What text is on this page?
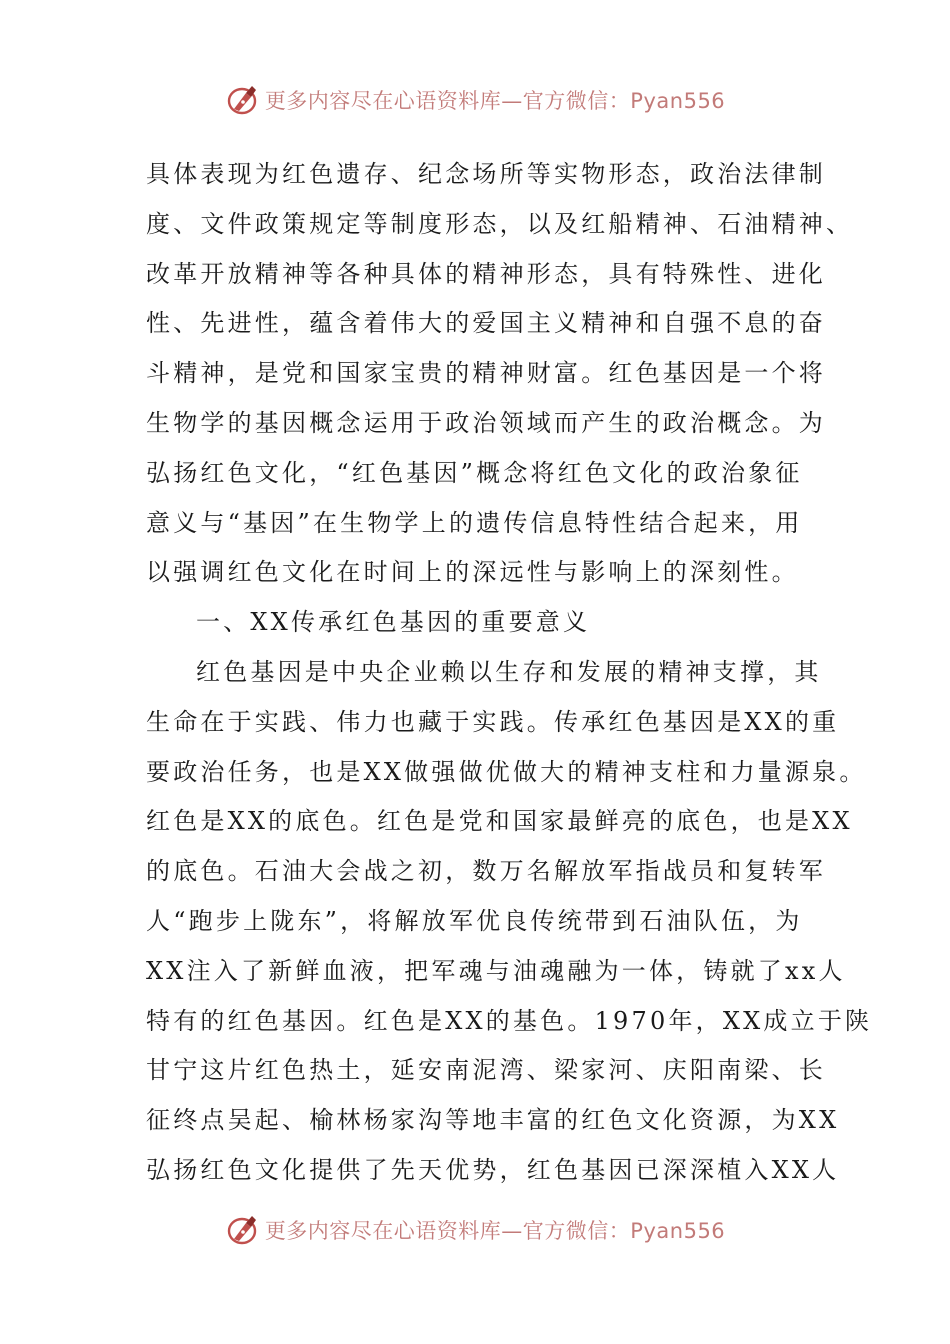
更多内容尽在心语资料库—官方微信：Pyan556
具体表现为红色遗存、纪念场所等实物形态，政治法律制
度、文件政策规定等制度形态，以及红船精神、石油精神、
改革开放精神等各种具体的精神形态，具有特殊性、进化
性、先进性，蕴含着伟大的爱国主义精神和自强不息的奋
斗精神，是党和国家宝贵的精神财富。红色基因是一个将
生物学的基因概念运用于政治领域而产生的政治概念。为
弘扬红色文化，“红色基因”概念将红色文化的政治象征
意义与“基因”在生物学上的遗传信息特性结合起来，用
以强调红色文化在时间上的深远性与影响上的深刻性。
一、XX传承红色基因的重要意义
红色基因是中央企业赖以生存和发展的精神支撑，其
生命在于实践、伟力也藏于实践。传承红色基因是XX的重
要政治任务，也是XX做强做优做大的精神支柱和力量源泉。
红色是XX的底色。红色是党和国家最鲜亮的底色，也是XX
的底色。石油大会战之初，数万名解放军指战员和复转军
人“跑步上陇东”，将解放军优良传统带到石油队伍，为
XX注入了新鲜血液，把军魂与油魂融为一体，铸就了xx人
特有的红色基因。红色是XX的基色。1970年，XX成立于陕
甘宁这片红色热土，延安南泥湾、梁家河、庆阳南梁、长
征终点吴起、榆林杨家沟等地丰富的红色文化资源，为XX
弘扬红色文化提供了先天优势，红色基因已深深植入XX人
更多内容尽在心语资料库—官方微信：Pyan556
